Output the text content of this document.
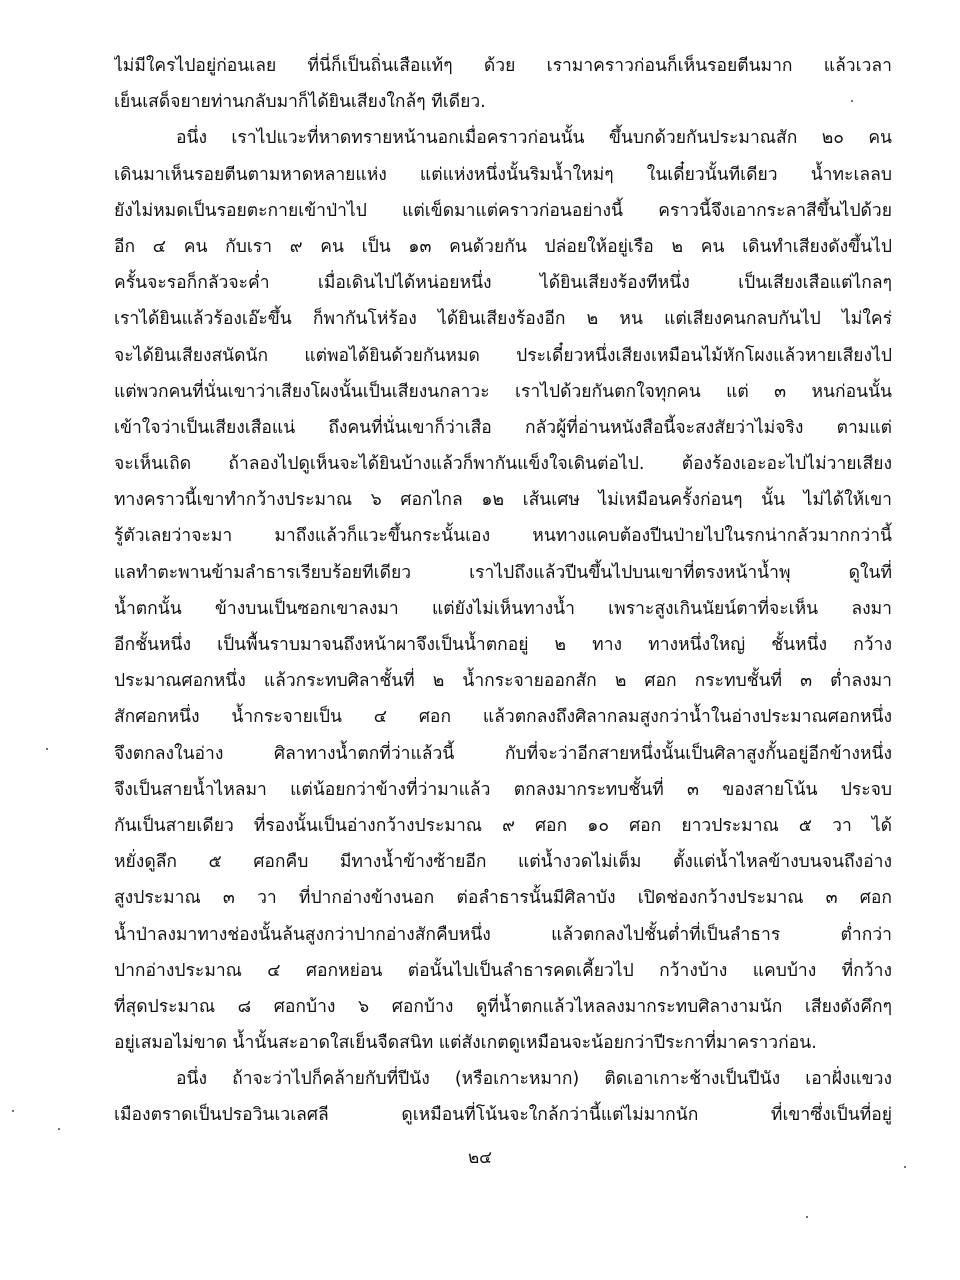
ไม่มีใครไปอยู่ก่อนเลย ที่นี่ก็เป็นถิ่นเสือแท้ๆ ด้วย เรามาคราวก่อนก็เห็นรอยตีนมาก แล้วเวลา
เย็นเสด็จยายท่านกลับมาก็ได้ยินเสียงใกล้ๆ ทีเดียว.
อนึ่ง เราไปแวะที่หาดทรายหน้านอกเมื่อคราวก่อนนั้น ขึ้นบกด้วยกันประมาณสัก ๒๐ คน
เดินมาเห็นรอยตีนตามหาดหลายแห่ง แต่แห่งหนึ่งนั้นริมน้ำใหม่ๆ ในเดี๋ยวนั้นทีเดียว น้ำทะเลลบ
ยังไม่หมดเป็นรอยตะกายเข้าป่าไป แต่เข็ดมาแต่คราวก่อนอย่างนี้ คราวนี้จึงเอากระลาสีขึ้นไปด้วย
อีก ๔ คน กับเรา ๙ คน เป็น ๑๓ คนด้วยกัน ปล่อยให้อยู่เรือ ๒ คน เดินทำเสียงดังขึ้นไป
ครั้นจะรอก็กลัวจะค่ำ เมื่อเดินไปได้หน่อยหนึ่ง ได้ยินเสียงร้องทีหนึ่ง เป็นเสียงเสือแต่ไกลๆ
เราได้ยินแล้วร้องเอ๊ะขึ้น ก็พากันโห่ร้อง ได้ยินเสียงร้องอีก ๒ หน แต่เสียงคนกลบกันไป ไม่ใคร่
จะได้ยินเสียงสนัดนัก แต่พอได้ยินด้วยกันหมด ประเดี๋ยวหนึ่งเสียงเหมือนไม้หักโผงแล้วหายเสียงไป
แต่พวกคนที่นั่นเขาว่าเสียงโผงนั้นเป็นเสียงนกลาวะ เราไปด้วยกันตกใจทุกคน แต่ ๓ หนก่อนนั้น
เข้าใจว่าเป็นเสียงเสือแน่ ถึงคนที่นั่นเขาก็ว่าเสือ กลัวผู้ที่อ่านหนังสือนี้จะสงสัยว่าไม่จริง ตามแต่
จะเห็นเถิด ถ้าลองไปดูเห็นจะได้ยินบ้างแล้วก็พากันแข็งใจเดินต่อไป. ต้องร้องเอะอะไปไม่วายเสียง
ทางคราวนี้เขาทำกว้างประมาณ ๖ ศอกไกล ๑๒ เส้นเศษ ไม่เหมือนครั้งก่อนๆ นั้น ไม่ได้ให้เขา
รู้ตัวเลยว่าจะมา มาถึงแล้วก็แวะขึ้นกระนั้นเอง หนทางแคบต้องปีนป่ายไปในรกน่ากลัวมากกว่านี้
แลทำตะพานข้ามลำธารเรียบร้อยทีเดียว เราไปถึงแล้วปีนขึ้นไปบนเขาที่ตรงหน้าน้ำพุ ดูในที่
น้ำตกนั้น ข้างบนเป็นซอกเขาลงมา แต่ยังไม่เห็นทางน้ำ เพราะสูงเกินนัยน์ตาที่จะเห็น ลงมา
อีกชั้นหนึ่ง เป็นพื้นราบมาจนถึงหน้าผาจึงเป็นน้ำตกอยู่ ๒ ทาง ทางหนึ่งใหญ่ ชั้นหนึ่ง กว้าง
ประมาณศอกหนึ่ง แล้วกระทบศิลาชั้นที่ ๒ น้ำกระจายออกสัก ๒ ศอก กระทบชั้นที่ ๓ ต่ำลงมา
สักศอกหนึ่ง น้ำกระจายเป็น ๔ ศอก แล้วตกลงถึงศิลากลมสูงกว่าน้ำในอ่างประมาณศอกหนึ่ง
จึงตกลงในอ่าง ศิลาทางน้ำตกที่ว่าแล้วนี้ กับที่จะว่าอีกสายหนึ่งนั้นเป็นศิลาสูงกั้นอยู่อีกข้างหนึ่ง
จึงเป็นสายน้ำไหลมา แต่น้อยกว่าข้างที่ว่ามาแล้ว ตกลงมากระทบชั้นที่ ๓ ของสายโน้น ประจบ
กันเป็นสายเดียว ที่รองนั้นเป็นอ่างกว้างประมาณ ๙ ศอก ๑๐ ศอก ยาวประมาณ ๕ วา ได้
หยั่งดูลึก ๕ ศอกคืบ มีทางน้ำข้างซ้ายอีก แต่น้ำงวดไม่เต็ม ตั้งแต่น้ำไหลข้างบนจนถึงอ่าง
สูงประมาณ ๓ วา ที่ปากอ่างข้างนอก ต่อลำธารนั้นมีศิลาบัง เปิดช่องกว้างประมาณ ๓ ศอก
น้ำป่าลงมาทางช่องนั้นล้นสูงกว่าปากอ่างสักคืบหนึ่ง แล้วตกลงไปชั้นต่ำที่เป็นลำธาร ต่ำกว่า
ปากอ่างประมาณ ๔ ศอกหย่อน ต่อนั้นไปเป็นลำธารคดเคี้ยวไป กว้างบ้าง แคบบ้าง ที่กว้าง
ที่สุดประมาณ ๘ ศอกบ้าง ๖ ศอกบ้าง ดูที่น้ำตกแล้วไหลลงมากระทบศิลางามนัก เสียงดังคึกๆ
อยู่เสมอไม่ขาด น้ำนั้นสะอาดใสเย็นจืดสนิท แต่สังเกตดูเหมือนจะน้อยกว่าปีระกาที่มาคราวก่อน.
อนึ่ง ถ้าจะว่าไปก็คล้ายกับที่ปีนัง (หรือเกาะหมาก) ติดเอาเกาะช้างเป็นปีนัง เอาฝั่งแขวง
เมืองตราดเป็นปรอวินเวเลศลี ดูเหมือนที่โน้นจะใกล้กว่านี้แต่ไม่มากนัก ที่เขาซึ่งเป็นที่อยู่
๒๔
